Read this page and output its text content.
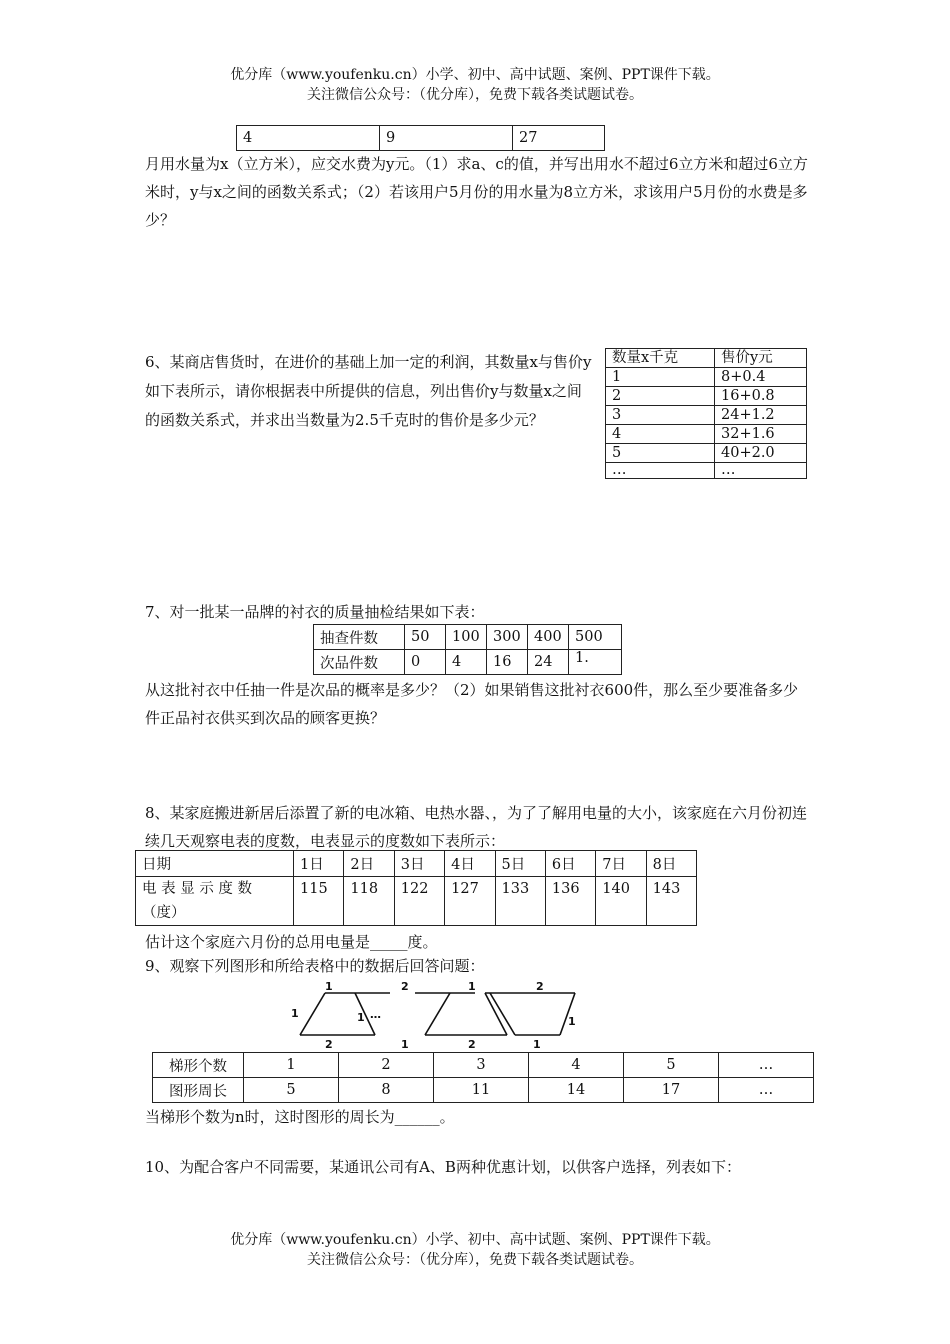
优分库（www.youfenku.cn）小学、初中、高中试题、案例、PPT课件下载。
关注微信公众号：（优分库），免费下载各类试题试卷。
4	9	27
月用水量为x（立方米），应交水费为y元。（1）求a、c的值，并写出用水不超过6立方米和超过6立方米时，y与x之间的函数关系式；（2）若该用户5月份的用水量为8立方米，求该用户5月份的水费是多少？
6、某商店售货时，在进价的基础上加一定的利润，其数量x与售价y如下表所示，请你根据表中所提供的信息，列出售价y与数量x之间的函数关系式，并求出当数量为2.5千克时的售价是多少元？
数量x千克	售价y元
1	8+0.4
2	16+0.8
3	24+1.2
4	32+1.6
5	40+2.0
…	…
7、对一批某一品牌的衬衣的质量抽检结果如下表：
抽查件数	50	100	300	400	500
次品件数	0	4	16	24	1.
从这批衬衣中任抽一件是次品的概率是多少？（2）如果销售这批衬衣600件，那么至少要准备多少件正品衬衣供买到次品的顾客更换？
8、某家庭搬进新居后添置了新的电冰箱、电热水器、，为了了解用电量的大小，该家庭在六月份初连续几天观察电表的度数，电表显示的度数如下表所示：
日期	1日	2日	3日	4日	5日	6日	7日	8日

电 表 显 示 度 数
（度）	115	118	122	127	133	136	140	143
估计这个家庭六月份的总用电量是_____度。
9、观察下列图形和所给表格中的数据后回答问题：
1	2	1	2
2	1	2	1
1	1	1
…
梯形个数	1	2	3	4	5	…
图形周长	5	8	11	14	17	…
当梯形个数为n时，这时图形的周长为______。
10、为配合客户不同需要，某通讯公司有A、B两种优惠计划，以供客户选择，列表如下：
优分库（www.youfenku.cn）小学、初中、高中试题、案例、PPT课件下载。
关注微信公众号：（优分库），免费下载各类试题试卷。
